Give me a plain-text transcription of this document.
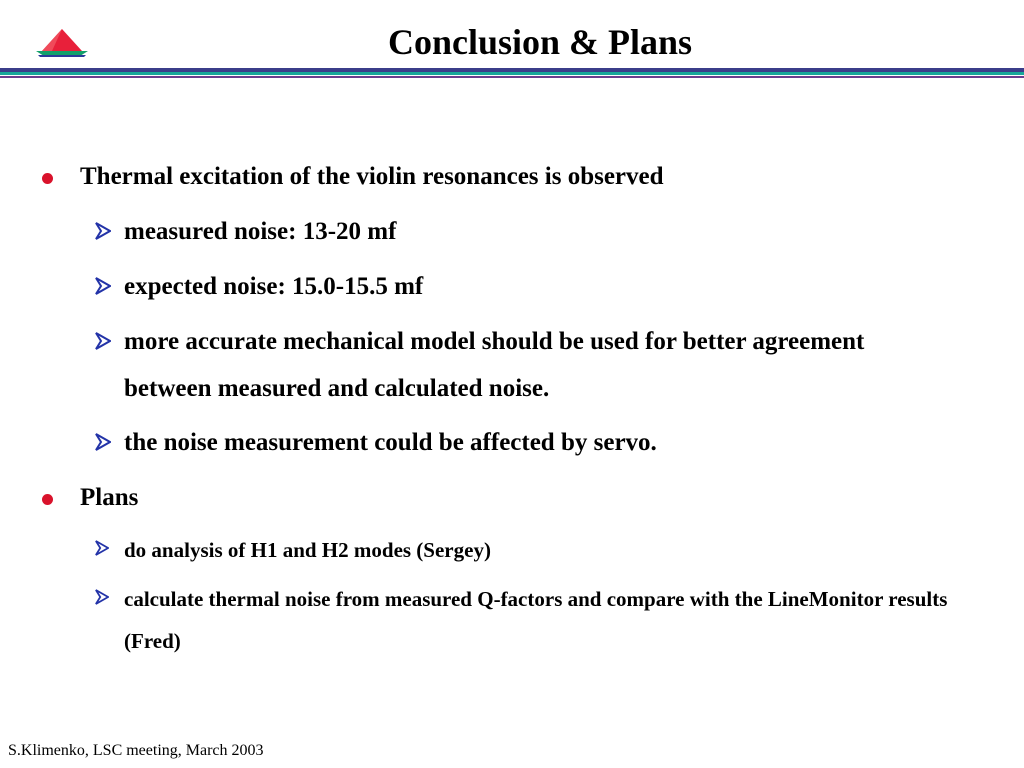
Conclusion & Plans
Thermal excitation of the violin resonances is observed
measured noise: 13-20 mf
expected noise: 15.0-15.5 mf
more accurate mechanical model should be used for better agreement between measured and calculated noise.
the noise measurement could be affected by servo.
Plans
do analysis of H1 and H2 modes (Sergey)
calculate thermal noise from measured Q-factors and compare with the LineMonitor results (Fred)
S.Klimenko, LSC meeting, March 2003
